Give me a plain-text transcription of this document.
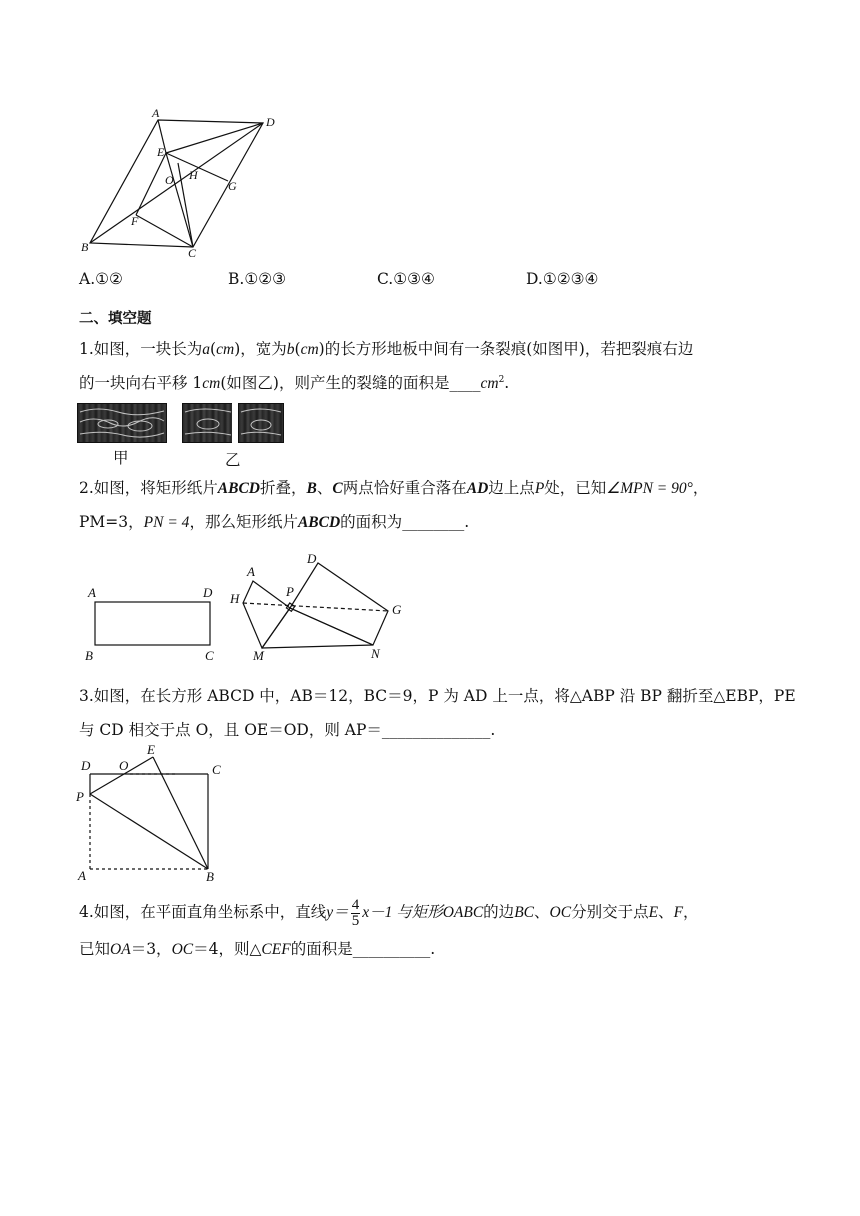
A
D
E
O H
G
F
B	C
A.①②	B.①②③	C.①③④	D.①②③④
二、填空题
1.如图，一块长为a(cm)，宽为b(cm)的长方形地板中间有一条裂痕(如图甲)，若把裂痕右边
的一块向右平移 1cm(如图乙)，则产生的裂缝的面积是$\_\_\_\_cm^2$.
甲	乙
2.如图，将矩形纸片ABCD折叠，B、C两点恰好重合落在AD边上点P处，已知∠MPN = 90°，
PM=3，PN = 4，那么矩形纸片ABCD的面积为________.
A	D
B	C
D
A
P
H
G
M	N
3.如图，在长方形 ABCD 中，AB＝12，BC＝9，P 为 AD 上一点，将△ABP 沿 BP 翻折至△EBP，PE
与 CD 相交于点 O，且 OE＝OD，则 AP＝______________.
D O
E
C
P
A	B
4.如图，在平面直角坐标系中，直线$y= \frac{4}{5} x-1$ 与矩形OABC的边BC、OC分别交于点E、F，
已知OA＝3，OC＝4，则△CEF的面积是__________.
